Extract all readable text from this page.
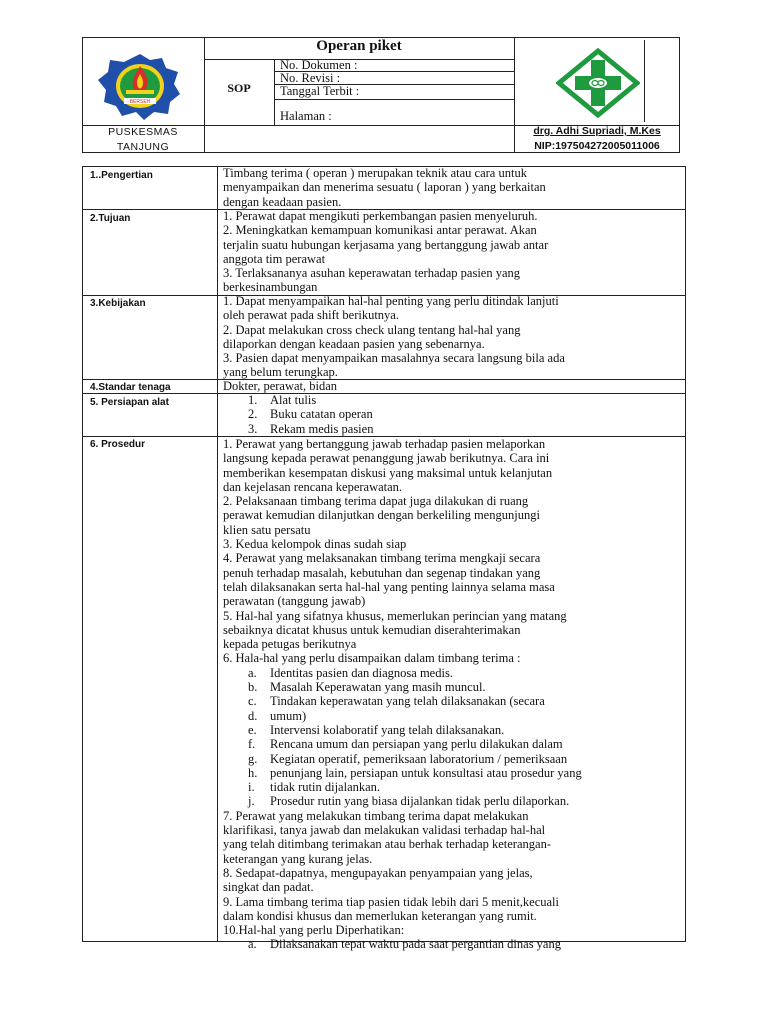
BERSEH
Operan piket
SOP
No. Dokumen :
No. Revisi :
Tanggal Terbit :
Halaman :
PUSKESMAS
TANJUNG
drg. Adhi Supriadi, M.Kes
NIP:197504272005011006
1..Pengertian
2.Tujuan
3.Kebijakan
4.Standar tenaga
5. Persiapan alat
6. Prosedur

Timbang terima ( operan ) merupakan teknik atau cara untuk

menyampaikan dan menerima sesuatu ( laporan ) yang berkaitan

dengan keadaan pasien.

1. Perawat dapat mengikuti perkembangan pasien menyeluruh.

2. Meningkatkan kemampuan komunikasi antar perawat. Akan

terjalin suatu hubungan kerjasama yang bertanggung jawab antar

anggota tim perawat

3. Terlaksananya asuhan keperawatan terhadap pasien yang

berkesinambungan

1. Dapat menyampaikan hal-hal penting yang perlu ditindak lanjuti

oleh perawat pada shift berikutnya.

2. Dapat melakukan cross check ulang tentang hal-hal yang

dilaporkan dengan keadaan pasien yang sebenarnya.

3. Pasien dapat menyampaikan masalahnya secara langsung bila ada

yang belum terungkap.

Dokter, perawat, bidan

1. Alat tulis
2. Buku catatan operan
3. Rekam medis pasien

1. Perawat yang bertanggung jawab terhadap pasien melaporkan

langsung kepada perawat penanggung jawab berikutnya. Cara ini

memberikan kesempatan diskusi yang maksimal untuk kelanjutan

dan kejelasan rencana keperawatan.

2. Pelaksanaan timbang terima dapat juga dilakukan di ruang

perawat kemudian dilanjutkan dengan berkeliling mengunjungi

klien satu persatu

3. Kedua kelompok dinas sudah siap

4. Perawat yang melaksanakan timbang terima mengkaji secara

penuh terhadap masalah, kebutuhan dan segenap tindakan yang

telah dilaksanakan serta hal-hal yang penting lainnya selama masa

perawatan (tanggung jawab)

5. Hal-hal yang sifatnya khusus, memerlukan perincian yang matang

sebaiknya dicatat khusus untuk kemudian diserahterimakan

kepada petugas berikutnya

6. Hala-hal yang perlu disampaikan dalam timbang terima :

a. Identitas pasien dan diagnosa medis.
b. Masalah Keperawatan yang masih muncul.
c. Tindakan keperawatan yang telah dilaksanakan (secara
d. umum)
e. Intervensi kolaboratif yang telah dilaksanakan.
f. Rencana umum dan persiapan yang perlu dilakukan dalam
g. Kegiatan operatif, pemeriksaan laboratorium / pemeriksaan
h. penunjang lain, persiapan untuk konsultasi atau prosedur yang
i. tidak rutin dijalankan.
j. Prosedur rutin yang biasa dijalankan tidak perlu dilaporkan.

7. Perawat yang melakukan timbang terima dapat melakukan

klarifikasi, tanya jawab dan melakukan validasi terhadap hal-hal

yang telah ditimbang terimakan atau berhak terhadap keterangan-

keterangan yang kurang jelas.

8. Sedapat-dapatnya, mengupayakan penyampaian yang jelas,

singkat dan padat.

9. Lama timbang terima tiap pasien tidak lebih dari 5 menit,kecuali

dalam kondisi khusus dan memerlukan keterangan yang rumit.

10.Hal-hal yang perlu Diperhatikan:

a. Dilaksanakan tepat waktu pada saat pergantian dinas yang
